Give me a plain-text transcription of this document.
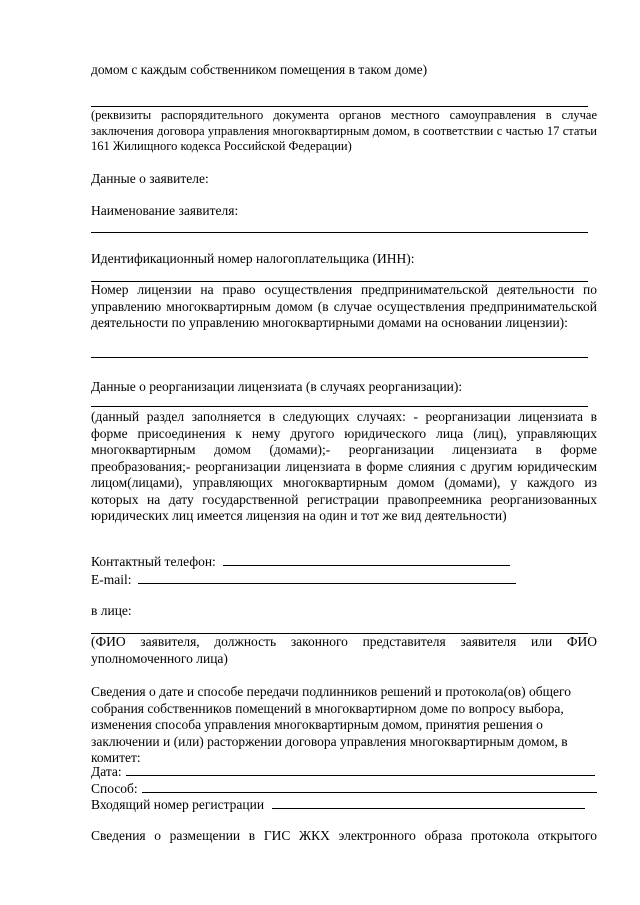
домом с каждым собственником помещения в таком доме)
(реквизиты распорядительного документа органов местного самоуправления в случае заключения договора управления многоквартирным домом, в соответствии с частью 17 статьи 161 Жилищного кодекса Российской Федерации)
Данные о заявителе:
Наименование заявителя:
Идентификационный номер налогоплательщика (ИНН):
Номер лицензии на право осуществления предпринимательской деятельности по управлению многоквартирным домом (в случае осуществления предпринимательской деятельности по управлению многоквартирными домами на основании лицензии):
Данные о реорганизации лицензиата (в случаях реорганизации):
(данный раздел заполняется в следующих случаях: - реорганизации лицензиата в форме присоединения к нему другого юридического лица (лиц), управляющих многоквартирным домом (домами);- реорганизации лицензиата в форме преобразования;- реорганизации лицензиата в форме слияния с другим юридическим лицом(лицами), управляющих многоквартирным домом (домами), у каждого из которых на дату государственной регистрации правопреемника реорганизованных юридических лиц имеется лицензия на один и тот же вид деятельности)
Контактный телефон:
E-mail:
в лице:
(ФИО заявителя, должность законного представителя заявителя или ФИО уполномоченного лица)
Сведения о дате и способе передачи подлинников решений и протокола(ов) общего собрания собственников помещений в многоквартирном доме по вопросу выбора, изменения способа управления многоквартирным домом, принятия решения о заключении и (или) расторжении договора управления многоквартирным домом, в комитет:
Дата:
Способ:
Входящий номер регистрации
Сведения о размещении в ГИС ЖКХ электронного образа протокола открытого
